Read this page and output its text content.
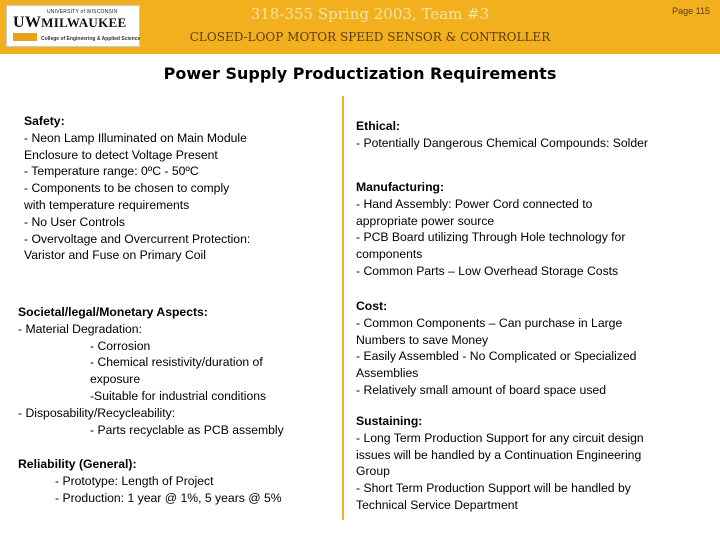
UNIVERSITY of WISCONSIN
UWMILWAUKEE
College of Engineering & Applied Science
318-355 Spring 2003, Team #3
CLOSED-LOOP MOTOR SPEED SENSOR & CONTROLLER
Page 115
Power Supply Productization Requirements
Safety:
- Neon Lamp Illuminated on Main Module
Enclosure to detect Voltage Present
- Temperature range: 0ºC - 50ºC
- Components to be chosen to comply
with temperature requirements
- No User Controls
- Overvoltage and Overcurrent Protection:
Varistor and Fuse on Primary Coil
Societal/legal/Monetary Aspects:
- Material Degradation:
- Corrosion
- Chemical resistivity/duration of
exposure
-Suitable for industrial conditions
- Disposability/Recycleability:
- Parts recyclable as PCB assembly
Reliability (General):
- Prototype: Length of Project
- Production: 1 year @ 1%, 5 years @ 5%
Ethical:
- Potentially Dangerous Chemical Compounds: Solder
Manufacturing:
- Hand Assembly: Power Cord connected to
appropriate power source
- PCB Board utilizing Through Hole technology for
components
- Common Parts – Low Overhead Storage Costs
Cost:
- Common Components – Can purchase in Large
Numbers to save Money
- Easily Assembled - No Complicated or Specialized
Assemblies
- Relatively small amount of board space used
Sustaining:
- Long Term Production Support for any circuit design
issues will be handled by a Continuation Engineering
Group
- Short Term Production Support will be handled by
Technical Service Department
